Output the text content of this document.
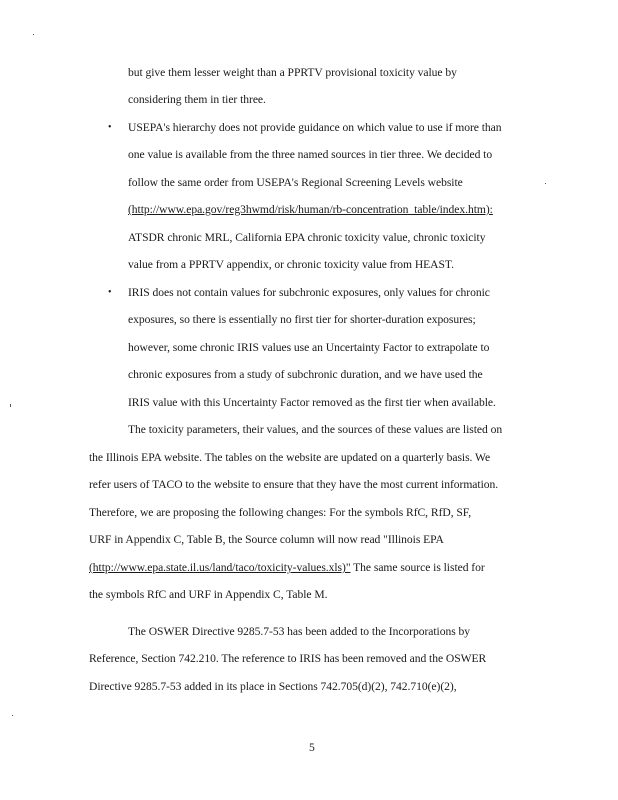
but give them lesser weight than a PPRTV provisional toxicity value by
considering them in tier three.
• USEPA's hierarchy does not provide guidance on which value to use if more than
one value is available from the three named sources in tier three. We decided to
follow the same order from USEPA's Regional Screening Levels website
(http://www.epa.gov/reg3hwmd/risk/human/rb-concentration_table/index.htm):
ATSDR chronic MRL, California EPA chronic toxicity value, chronic toxicity
value from a PPRTV appendix, or chronic toxicity value from HEAST.
• IRIS does not contain values for subchronic exposures, only values for chronic
exposures, so there is essentially no first tier for shorter-duration exposures;
however, some chronic IRIS values use an Uncertainty Factor to extrapolate to
chronic exposures from a study of subchronic duration, and we have used the
IRIS value with this Uncertainty Factor removed as the first tier when available.
The toxicity parameters, their values, and the sources of these values are listed on
the Illinois EPA website. The tables on the website are updated on a quarterly basis. We
refer users of TACO to the website to ensure that they have the most current information.
Therefore, we are proposing the following changes: For the symbols RfC, RfD, SF,
URF in Appendix C, Table B, the Source column will now read "Illinois EPA
(http://www.epa.state.il.us/land/taco/toxicity-values.xls)" The same source is listed for
the symbols RfC and URF in Appendix C, Table M.
The OSWER Directive 9285.7-53 has been added to the Incorporations by
Reference, Section 742.210. The reference to IRIS has been removed and the OSWER
Directive 9285.7-53 added in its place in Sections 742.705(d)(2), 742.710(e)(2),
5
